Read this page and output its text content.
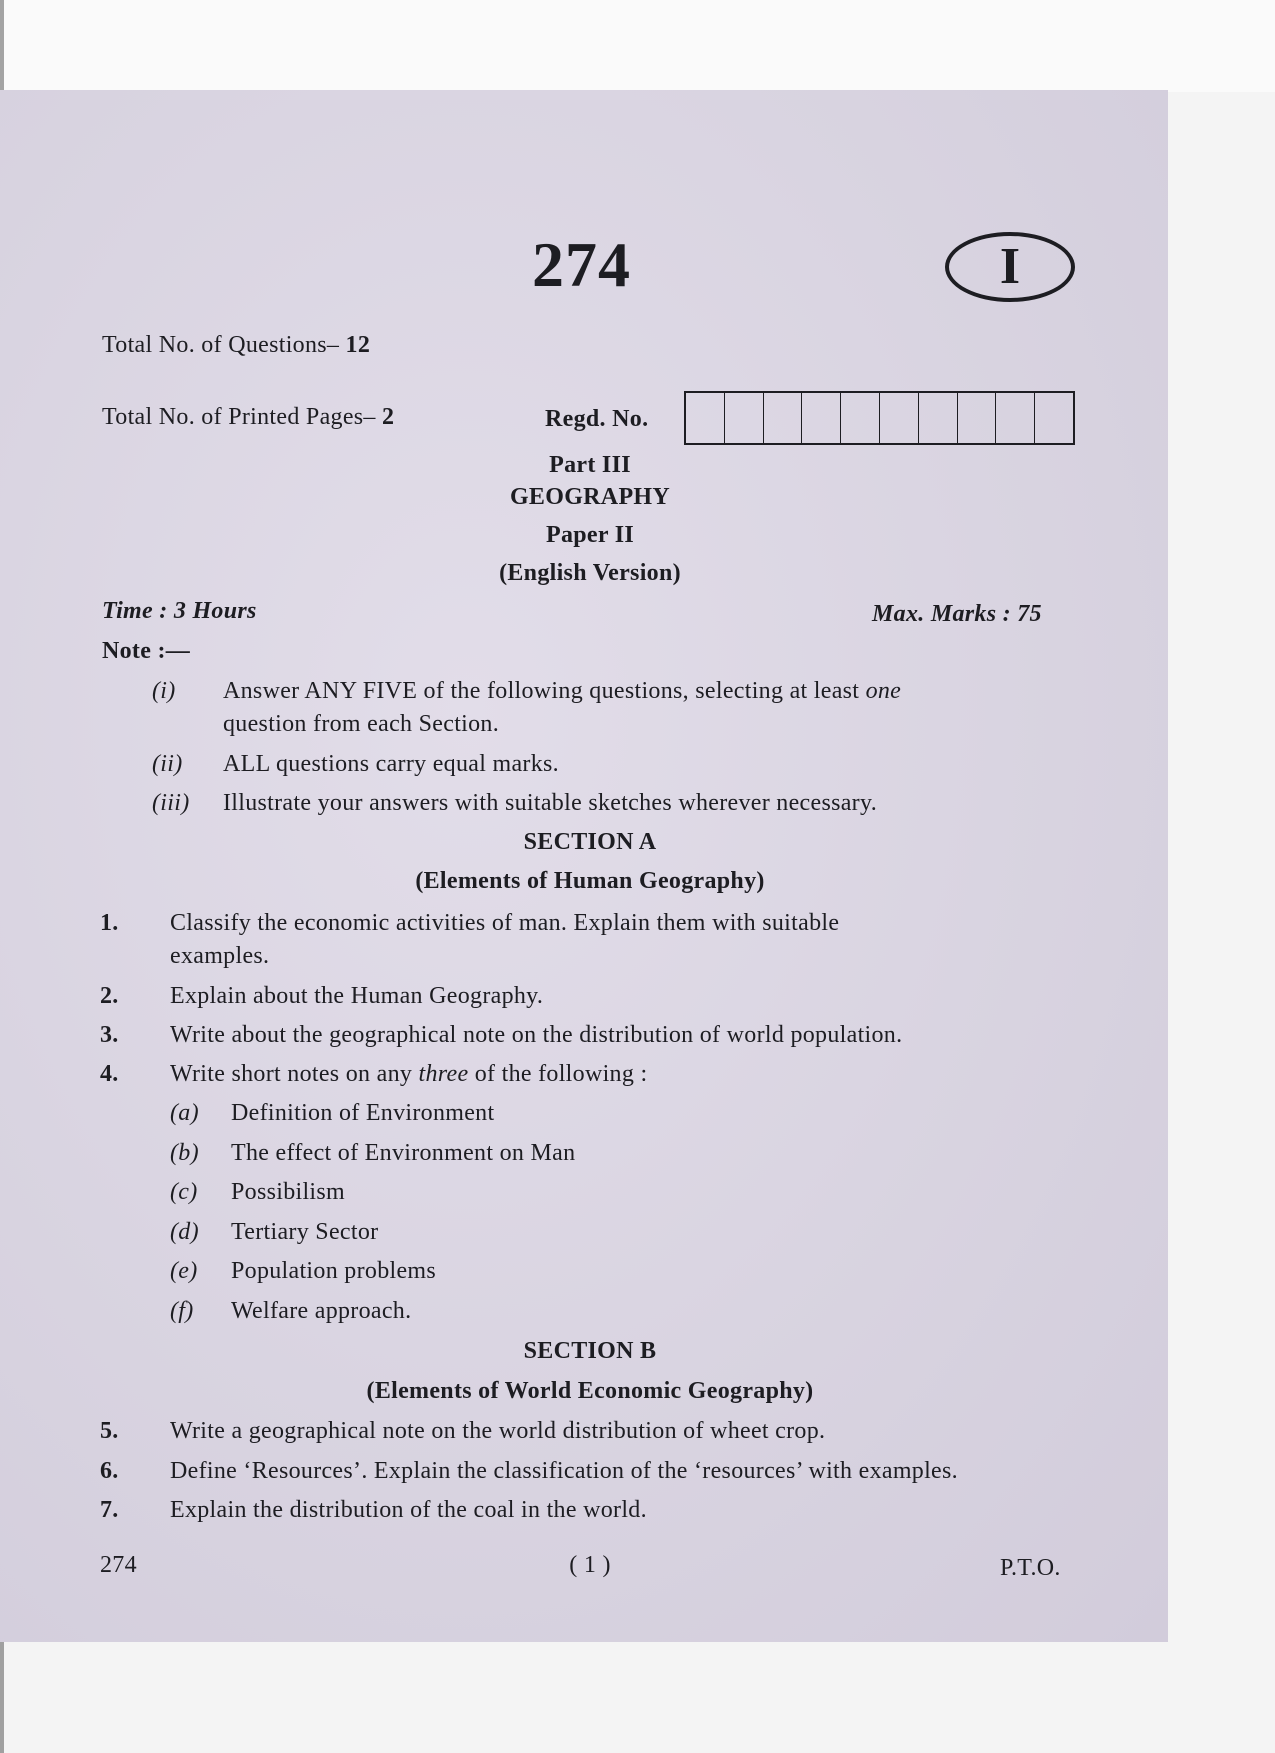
274	I
Total No. of Questions– 12
Total No. of Printed Pages– 2	Regd. No.
Part III
GEOGRAPHY
Paper II
(English Version)
Time : 3 Hours	Max. Marks : 75
Note :—
(i) Answer ANY FIVE of the following questions, selecting at least one
question from each Section.
(ii) ALL questions carry equal marks.
(iii) Illustrate your answers with suitable sketches wherever necessary.
SECTION A
(Elements of Human Geography)
1.	Classify the economic activities of man. Explain them with suitable
examples.
2.	Explain about the Human Geography.
3.	Write about the geographical note on the distribution of world population.
4.	Write short notes on any three of the following :
(a) Definition of Environment
(b) The effect of Environment on Man
(c) Possibilism
(d) Tertiary Sector
(e) Population problems
(f) Welfare approach.
SECTION B
(Elements of World Economic Geography)
5.	Write a geographical note on the world distribution of wheet crop.
6.	Define ‘Resources’. Explain the classification of the ‘resources’ with examples.
7.	Explain the distribution of the coal in the world.
274	( 1 )	P.T.O.
